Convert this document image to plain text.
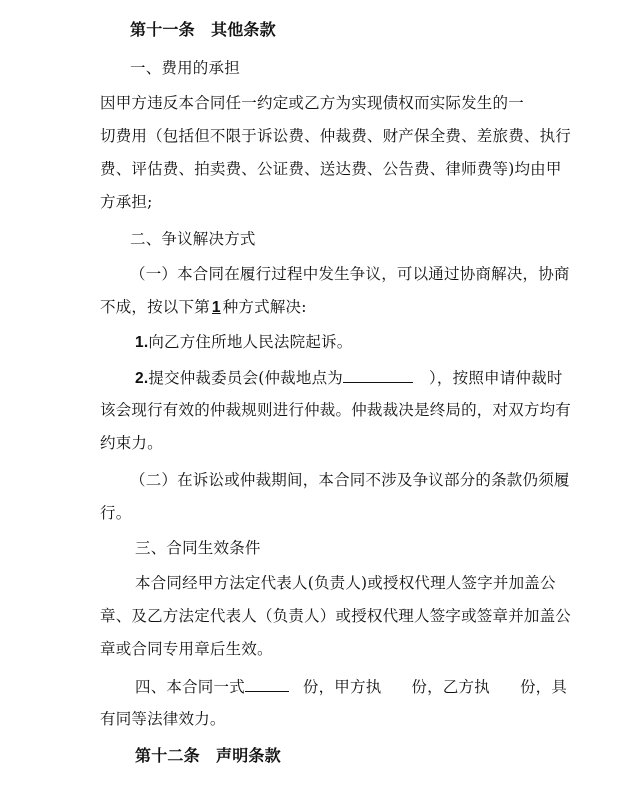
第十一条　其他条款
一、费用的承担
因甲方违反本合同任一约定或乙方为实现债权而实际发生的一
切费用（包括但不限于诉讼费、仲裁费、财产保全费、差旅费、执行
费、评估费、拍卖费、公证费、送达费、公告费、律师费等)均由甲
方承担;
二、争议解决方式
（一）本合同在履行过程中发生争议，可以通过协商解决，协商
不成，按以下第 1 种方式解决:
1.向乙方住所地人民法院起诉。
2.提交仲裁委员会(仲裁地点为	），按照申请仲裁时
该会现行有效的仲裁规则进行仲裁。仲裁裁决是终局的，对双方均有
约束力。
（二）在诉讼或仲裁期间，本合同不涉及争议部分的条款仍须履
行。
三、合同生效条件
本合同经甲方法定代表人(负责人)或授权代理人签字并加盖公
章、及乙方法定代表人（负责人）或授权代理人签字或签章并加盖公
章或合同专用章后生效。
四、本合同一式	份，甲方执 份，乙方执 份，具
有同等法律效力。
第十二条　声明条款
